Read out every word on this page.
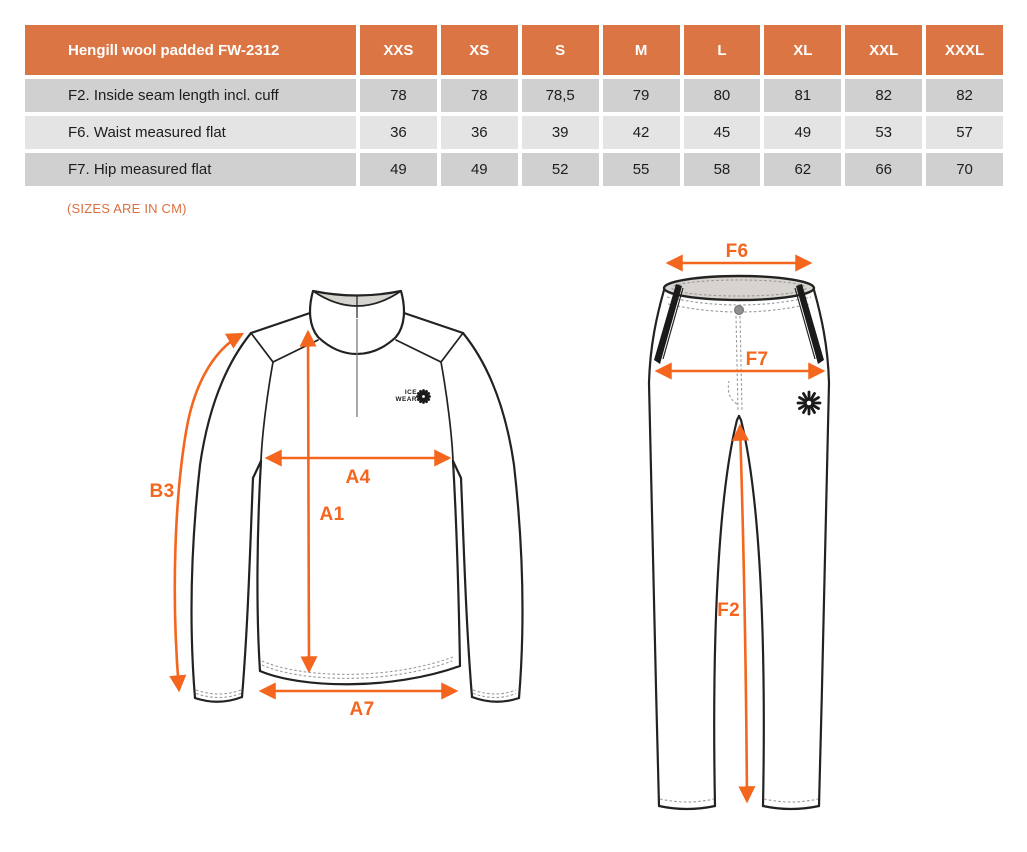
Hengill wool padded FW-2312	XXS	XS	S	M	L	XL	XXL	XXXL
F2. Inside seam length incl. cuff	78	78	78,5	79	80	81	82	82
F6. Waist measured flat	36	36	39	42	45	49	53	57
F7. Hip measured flat	49	49	52	55	58	62	66	70
(SIZES ARE IN CM)
ICE
WEAR
B3
A1
A4
A7
F6
F7
F2
